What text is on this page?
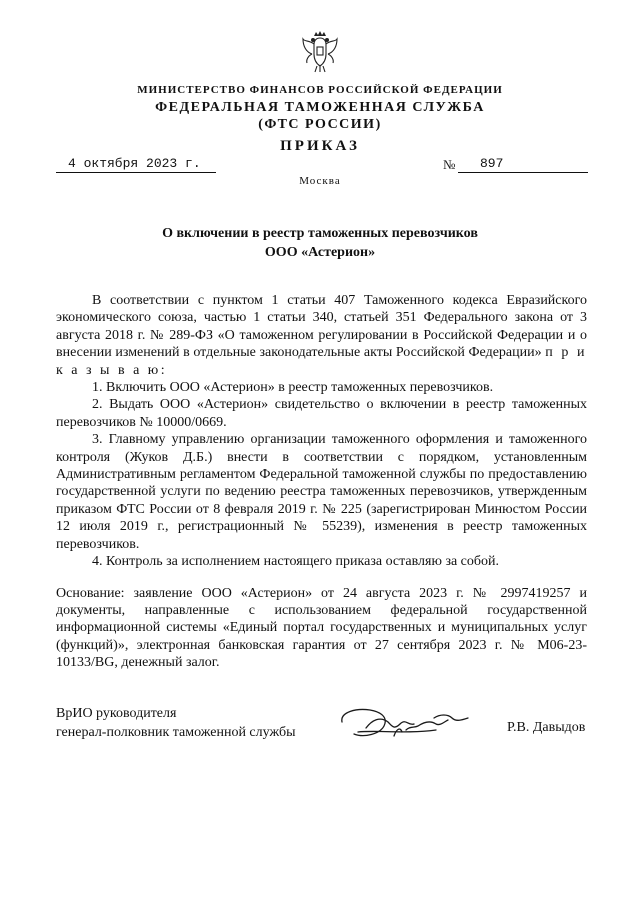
МИНИСТЕРСТВО ФИНАНСОВ РОССИЙСКОЙ ФЕДЕРАЦИИ
ФЕДЕРАЛЬНАЯ ТАМОЖЕННАЯ СЛУЖБА
(ФТС РОССИИ)
ПРИКАЗ
4 октября 2023 г.	№ 897
Москва
О включении в реестр таможенных перевозчиков
ООО «Астерион»

В соответствии с пунктом 1 статьи 407 Таможенного кодекса Евразийского экономического союза, частью 1 статьи 340, статьей 351 Федерального закона от 3 августа 2018 г. № 289-ФЗ «О таможенном регулировании в Российской Федерации и о внесении изменений в отдельные законодательные акты Российской Федерации» п р и к а з ы в а ю:

1. Включить ООО «Астерион» в реестр таможенных перевозчиков.

2. Выдать ООО «Астерион» свидетельство о включении в реестр таможенных перевозчиков № 10000/0669.

3. Главному управлению организации таможенного оформления и таможенного контроля (Жуков Д.Б.) внести в соответствии с порядком, установленным Административным регламентом Федеральной таможенной службы по предоставлению государственной услуги по ведению реестра таможенных перевозчиков, утвержденным приказом ФТС России от 8 февраля 2019 г. № 225 (зарегистрирован Минюстом России 12 июля 2019 г., регистрационный № 55239), изменения в реестр таможенных перевозчиков.

4. Контроль за исполнением настоящего приказа оставляю за собой.

Основание: заявление ООО «Астерион» от 24 августа 2023 г. № 2997419257 и документы, направленные с использованием федеральной государственной информационной системы «Единый портал государственных и муниципальных услуг (функций)», электронная банковская гарантия от 27 сентября 2023 г. № М06-23-10133/BG, денежный залог.

ВрИО руководителя
генерал-полковник таможенной службы	Р.В. Давыдов
